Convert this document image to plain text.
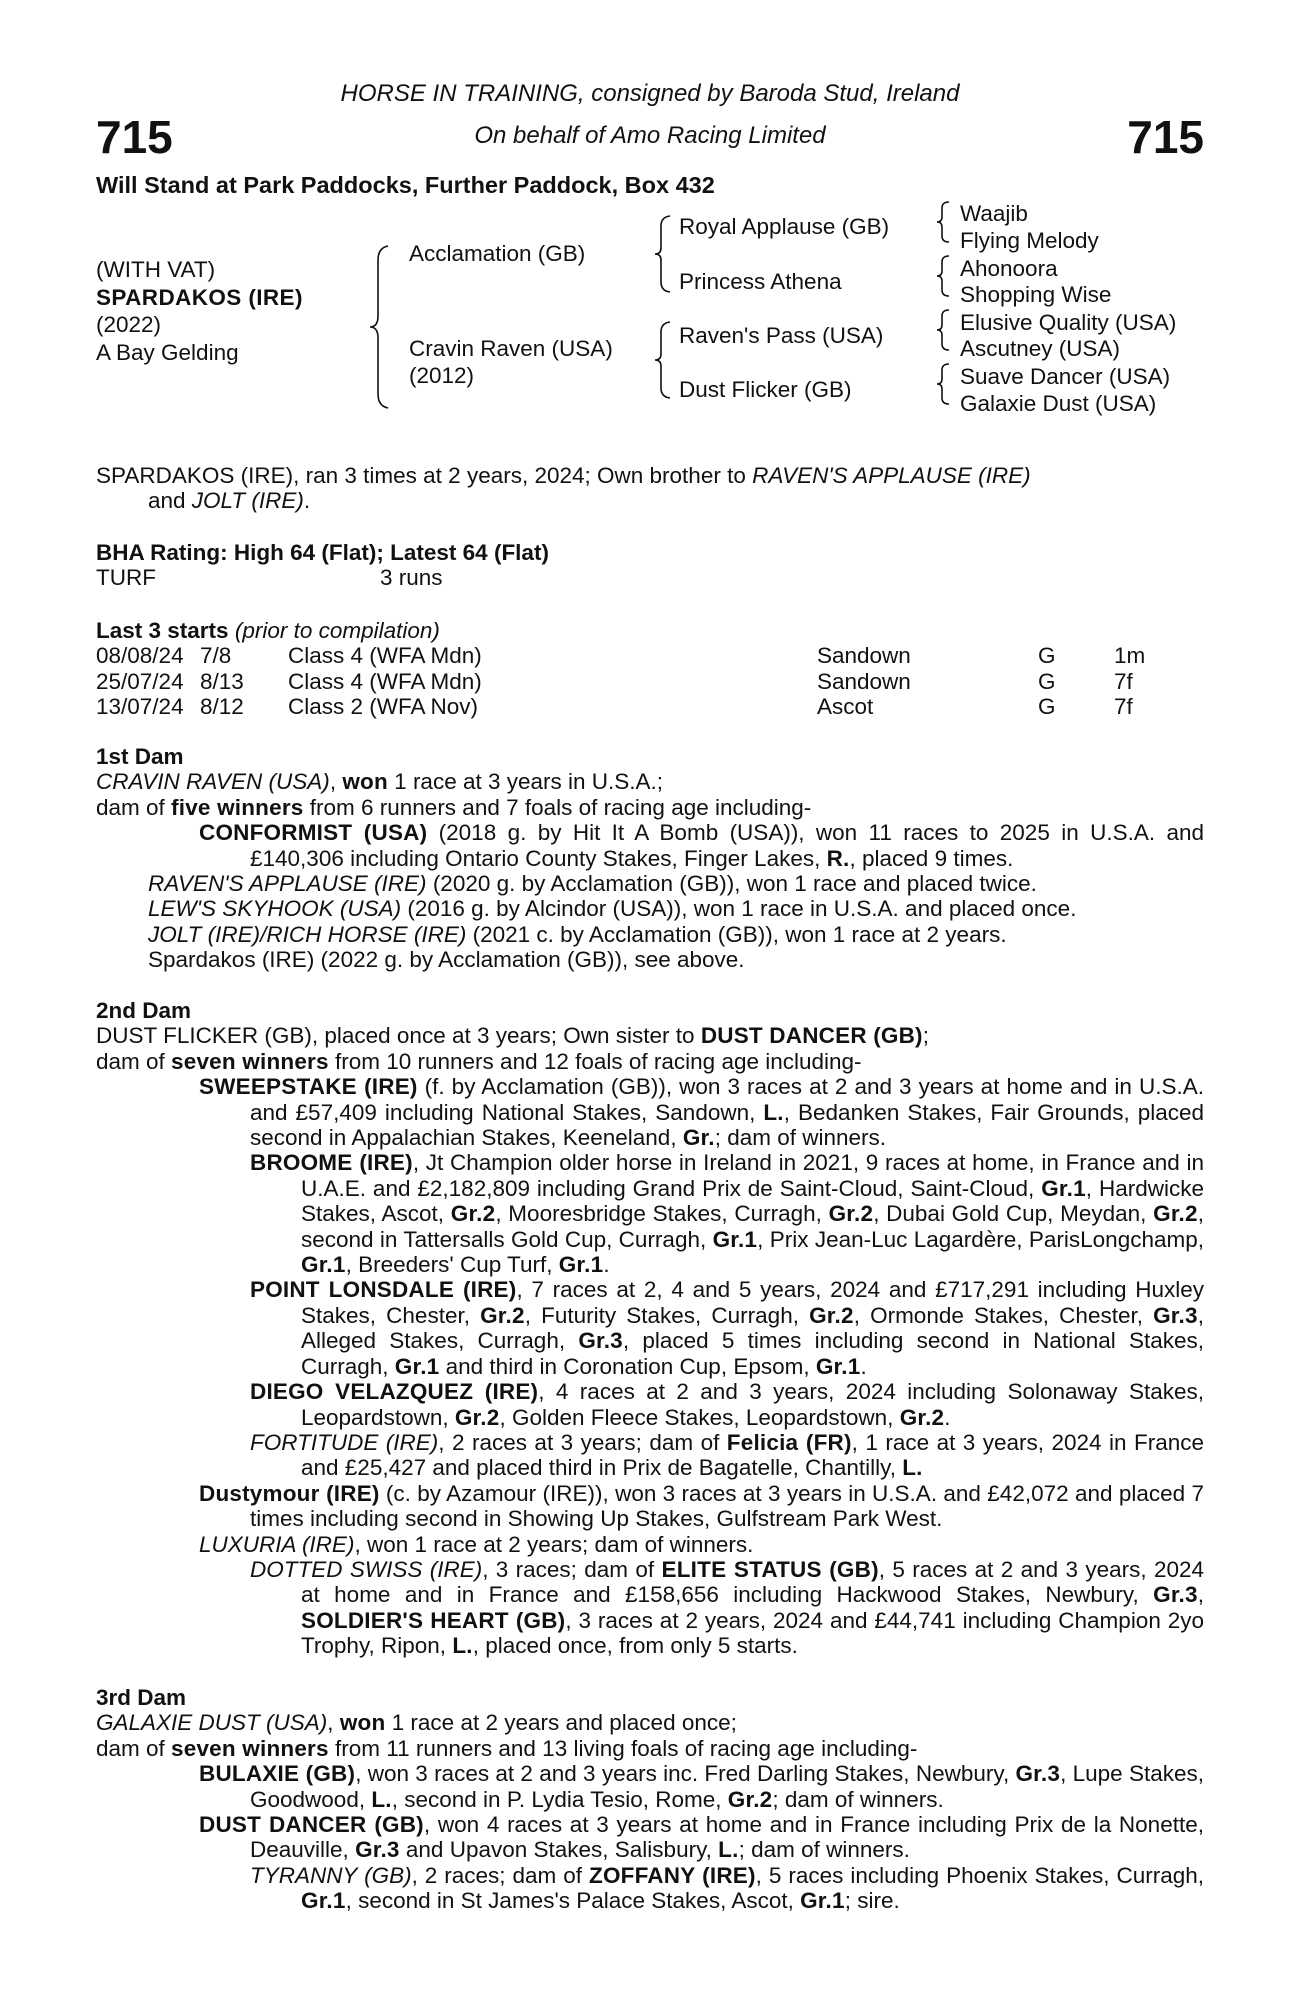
715	715
HORSE IN TRAINING, consigned by Baroda Stud, Ireland
On behalf of Amo Racing Limited
Will Stand at Park Paddocks, Further Paddock, Box 432
(WITH VAT)
SPARDAKOS (IRE)
(2022)
A Bay Gelding
Acclamation (GB)
Cravin Raven (USA)
(2012)
Royal Applause (GB)
Princess Athena
Raven's Pass (USA)
Dust Flicker (GB)
Waajib
Flying Melody
Ahonoora
Shopping Wise
Elusive Quality (USA)
Ascutney (USA)
Suave Dancer (USA)
Galaxie Dust (USA)

SPARDAKOS (IRE), ran 3 times at 2 years, 2024; Own brother to RAVEN'S APPLAUSE (IRE)

and JOLT (IRE).

BHA Rating: High 64 (Flat); Latest 64 (Flat)
TURF	3 runs
Last 3 starts (prior to compilation)
08/08/24 7/8	Class 4 (WFA Mdn)	Sandown	G	1m
25/07/24 8/13 Class 4 (WFA Mdn)	Sandown	G	7f
13/07/24 8/12 Class 2 (WFA Nov)	Ascot	G	7f
1st Dam

CRAVIN RAVEN (USA), won 1 race at 3 years in U.S.A.;

dam of five winners from 6 runners and 7 foals of racing age including-

CONFORMIST (USA) (2018 g. by Hit It A Bomb (USA)), won 11 races to 2025 in U.S.A. and £140,306 including Ontario County Stakes, Finger Lakes, R., placed 9 times.

RAVEN'S APPLAUSE (IRE) (2020 g. by Acclamation (GB)), won 1 race and placed twice.

LEW'S SKYHOOK (USA) (2016 g. by Alcindor (USA)), won 1 race in U.S.A. and placed once.

JOLT (IRE)/RICH HORSE (IRE) (2021 c. by Acclamation (GB)), won 1 race at 2 years.

Spardakos (IRE) (2022 g. by Acclamation (GB)), see above.

2nd Dam

DUST FLICKER (GB), placed once at 3 years; Own sister to DUST DANCER (GB);

dam of seven winners from 10 runners and 12 foals of racing age including-

SWEEPSTAKE (IRE) (f. by Acclamation (GB)), won 3 races at 2 and 3 years at home and in U.S.A. and £57,409 including National Stakes, Sandown, L., Bedanken Stakes, Fair Grounds, placed second in Appalachian Stakes, Keeneland, Gr.; dam of winners.

BROOME (IRE), Jt Champion older horse in Ireland in 2021, 9 races at home, in France and in U.A.E. and £2,182,809 including Grand Prix de Saint-Cloud, Saint-Cloud, Gr.1, Hardwicke Stakes, Ascot, Gr.2, Mooresbridge Stakes, Curragh, Gr.2, Dubai Gold Cup, Meydan, Gr.2, second in Tattersalls Gold Cup, Curragh, Gr.1, Prix Jean-Luc Lagardère, ParisLongchamp, Gr.1, Breeders' Cup Turf, Gr.1.

POINT LONSDALE (IRE), 7 races at 2, 4 and 5 years, 2024 and £717,291 including Huxley Stakes, Chester, Gr.2, Futurity Stakes, Curragh, Gr.2, Ormonde Stakes, Chester, Gr.3, Alleged Stakes, Curragh, Gr.3, placed 5 times including second in National Stakes, Curragh, Gr.1 and third in Coronation Cup, Epsom, Gr.1.

DIEGO VELAZQUEZ (IRE), 4 races at 2 and 3 years, 2024 including Solonaway Stakes, Leopardstown, Gr.2, Golden Fleece Stakes, Leopardstown, Gr.2.

FORTITUDE (IRE), 2 races at 3 years; dam of Felicia (FR), 1 race at 3 years, 2024 in France and £25,427 and placed third in Prix de Bagatelle, Chantilly, L.

Dustymour (IRE) (c. by Azamour (IRE)), won 3 races at 3 years in U.S.A. and £42,072 and placed 7 times including second in Showing Up Stakes, Gulfstream Park West.

LUXURIA (IRE), won 1 race at 2 years; dam of winners.

DOTTED SWISS (IRE), 3 races; dam of ELITE STATUS (GB), 5 races at 2 and 3 years, 2024 at home and in France and £158,656 including Hackwood Stakes, Newbury, Gr.3, SOLDIER'S HEART (GB), 3 races at 2 years, 2024 and £44,741 including Champion 2yo Trophy, Ripon, L., placed once, from only 5 starts.

3rd Dam

GALAXIE DUST (USA), won 1 race at 2 years and placed once;

dam of seven winners from 11 runners and 13 living foals of racing age including-

BULAXIE (GB), won 3 races at 2 and 3 years inc. Fred Darling Stakes, Newbury, Gr.3, Lupe Stakes, Goodwood, L., second in P. Lydia Tesio, Rome, Gr.2; dam of winners.

DUST DANCER (GB), won 4 races at 3 years at home and in France including Prix de la Nonette, Deauville, Gr.3 and Upavon Stakes, Salisbury, L.; dam of winners.

TYRANNY (GB), 2 races; dam of ZOFFANY (IRE), 5 races including Phoenix Stakes, Curragh, Gr.1, second in St James's Palace Stakes, Ascot, Gr.1; sire.
